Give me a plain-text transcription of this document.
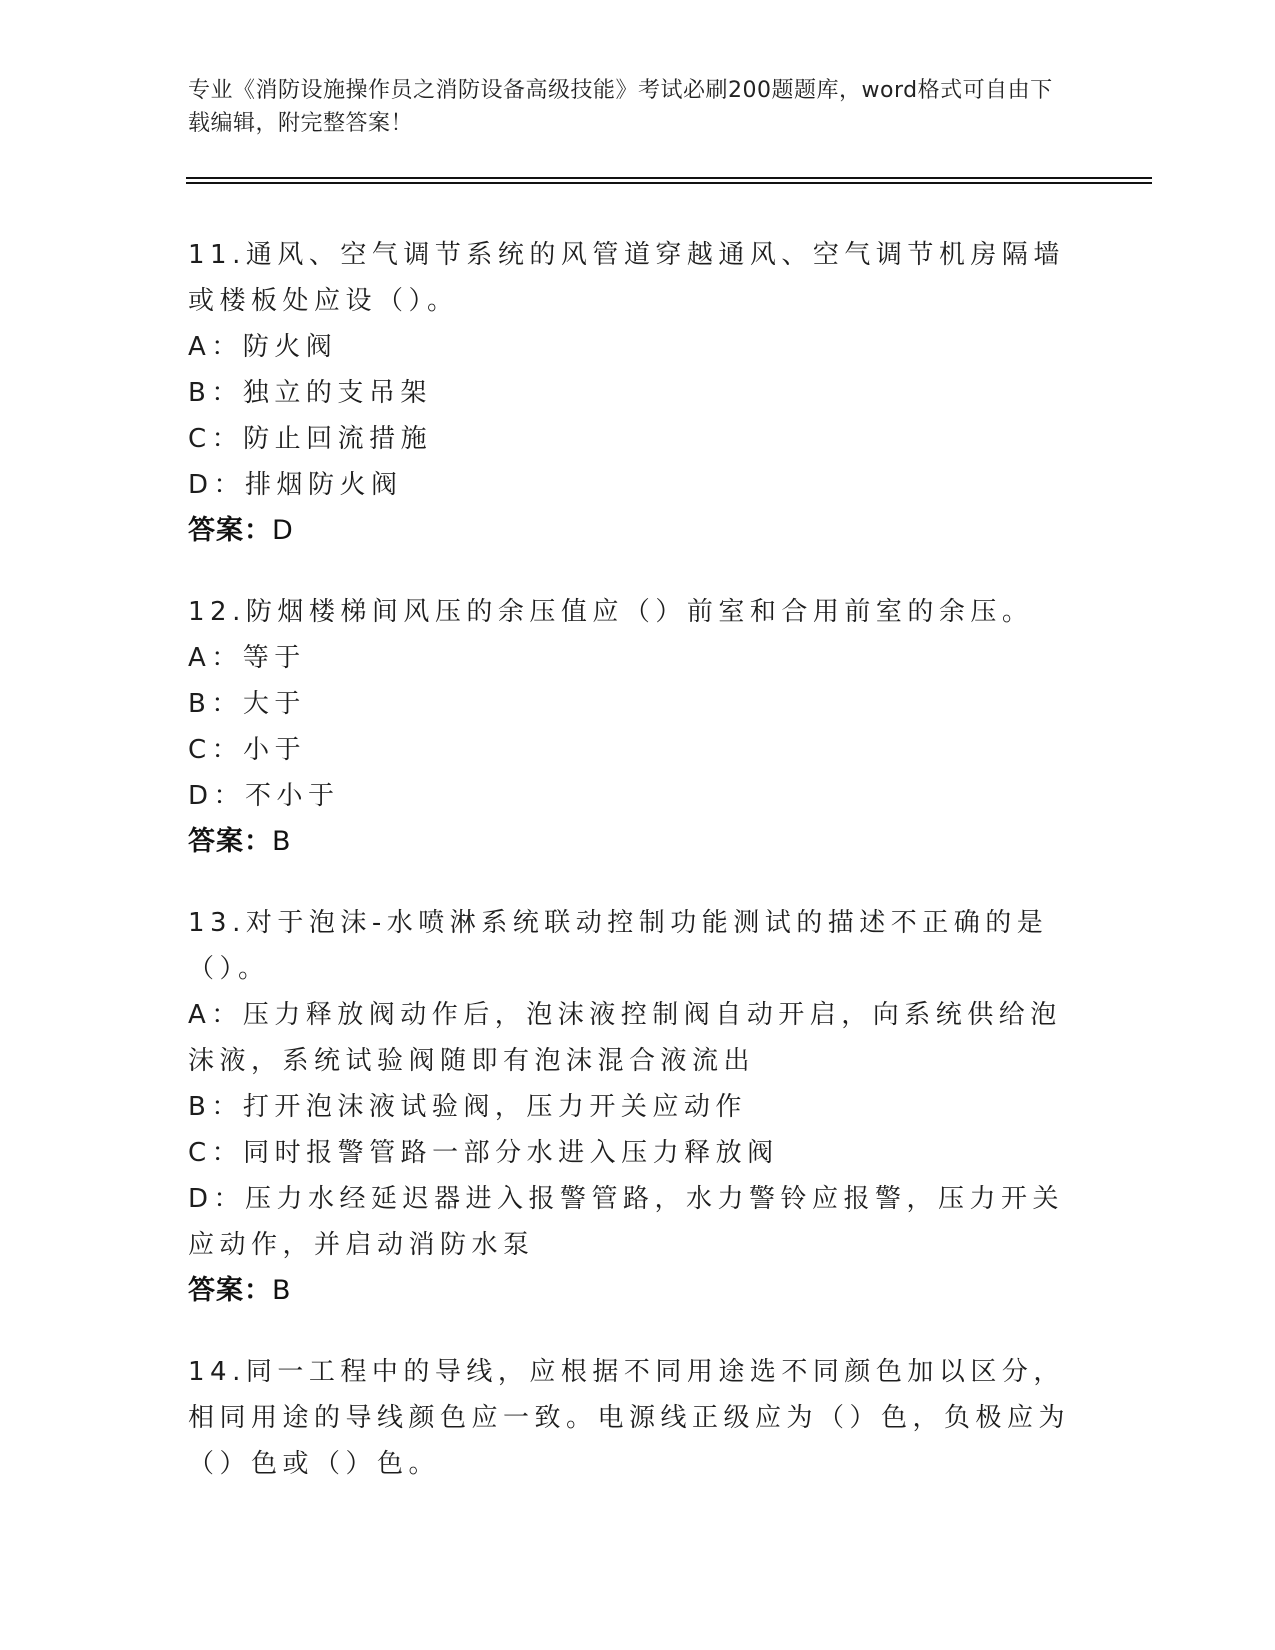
专业《消防设施操作员之消防设备高级技能》考试必刷200题题库，word格式可自由下载编辑，附完整答案！
11.通风、空气调节系统的风管道穿越通风、空气调节机房隔墙或楼板处应设（）。
A：防火阀
B：独立的支吊架
C：防止回流措施
D：排烟防火阀
答案：D
12.防烟楼梯间风压的余压值应（）前室和合用前室的余压。
A：等于
B：大于
C：小于
D：不小于
答案：B
13.对于泡沫-水喷淋系统联动控制功能测试的描述不正确的是（）。
A：压力释放阀动作后，泡沫液控制阀自动开启，向系统供给泡沫液，系统试验阀随即有泡沫混合液流出
B：打开泡沫液试验阀，压力开关应动作
C：同时报警管路一部分水进入压力释放阀
D：压力水经延迟器进入报警管路，水力警铃应报警，压力开关应动作，并启动消防水泵
答案：B
14.同一工程中的导线，应根据不同用途选不同颜色加以区分，相同用途的导线颜色应一致。电源线正级应为（）色，负极应为（）色或（）色。
